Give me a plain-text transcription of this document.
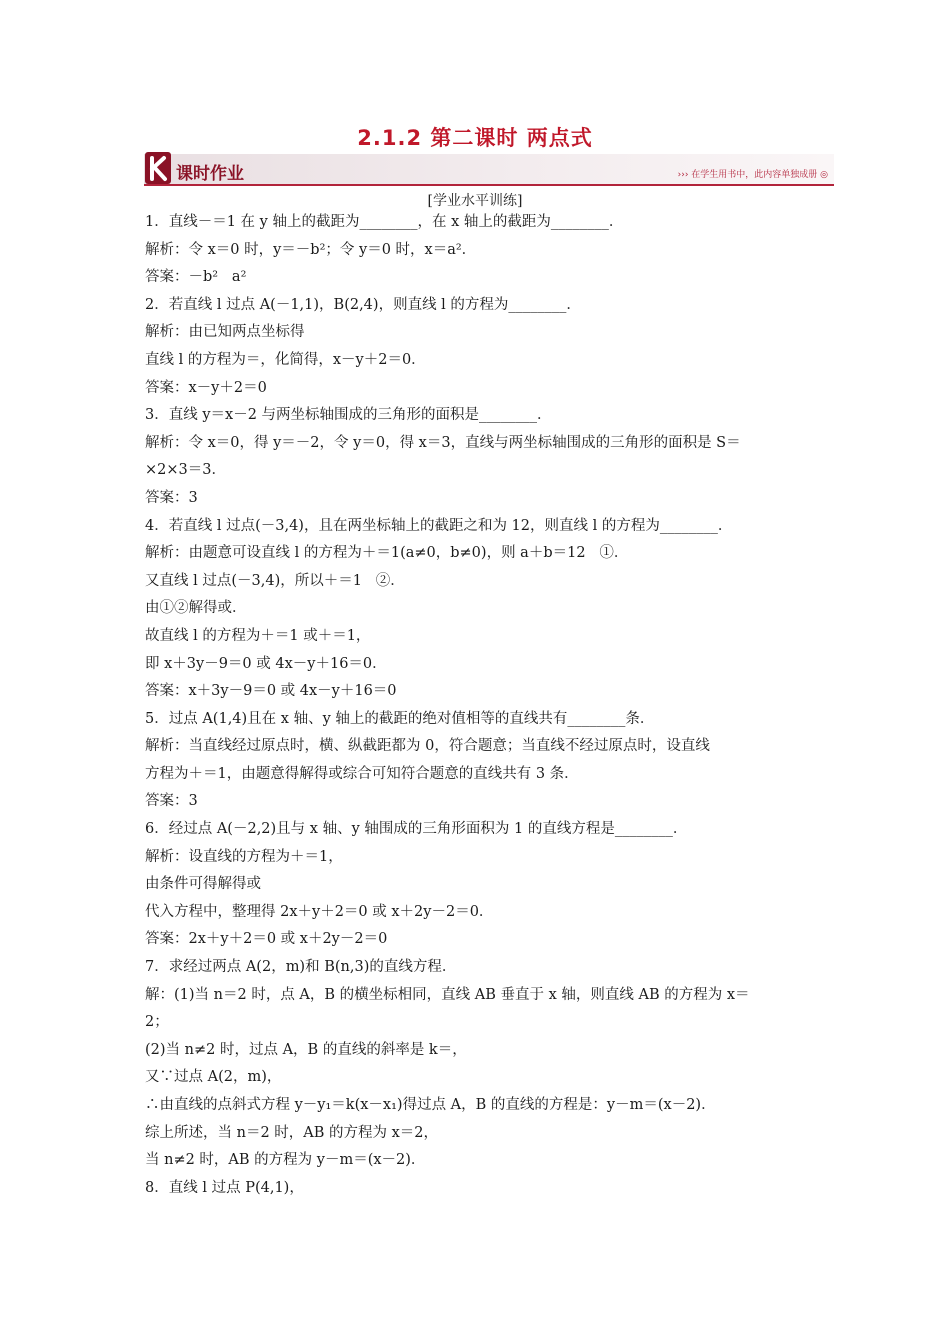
2.1.2 第二课时 两点式
课时作业	››› 在学生用书中，此内容单独成册 ◎
[学业水平训练]

1．直线－＝1 在 y 轴上的截距为________，在 x 轴上的截距为________．

解析：令 x＝0 时，y＝－b²；令 y＝0 时，x＝a²．

答案：－b²   a²

2．若直线 l 过点 A(－1,1)，B(2,4)，则直线 l 的方程为________．

解析：由已知两点坐标得

直线 l 的方程为＝，化简得，x－y＋2＝0．

答案：x－y＋2＝0

3．直线 y＝x－2 与两坐标轴围成的三角形的面积是________．

解析：令 x＝0，得 y＝－2，令 y＝0，得 x＝3，直线与两坐标轴围成的三角形的面积是 S＝

×2×3＝3．

答案：3

4．若直线 l 过点(－3,4)，且在两坐标轴上的截距之和为 12，则直线 l 的方程为________．

解析：由题意可设直线 l 的方程为＋＝1(a≠0，b≠0)，则 a＋b＝12   ①．

又直线 l 过点(－3,4)，所以＋＝1   ②．

由①②解得或．

故直线 l 的方程为＋＝1 或＋＝1，

即 x＋3y－9＝0 或 4x－y＋16＝0．

答案：x＋3y－9＝0 或 4x－y＋16＝0

5．过点 A(1,4)且在 x 轴、y 轴上的截距的绝对值相等的直线共有________条．

解析：当直线经过原点时，横、纵截距都为 0，符合题意；当直线不经过原点时，设直线

方程为＋＝1，由题意得解得或综合可知符合题意的直线共有 3 条．

答案：3

6．经过点 A(－2,2)且与 x 轴、y 轴围成的三角形面积为 1 的直线方程是________．

解析：设直线的方程为＋＝1，

由条件可得解得或

代入方程中，整理得 2x＋y＋2＝0 或 x＋2y－2＝0．

答案：2x＋y＋2＝0 或 x＋2y－2＝0

7．求经过两点 A(2，m)和 B(n,3)的直线方程．

解：(1)当 n＝2 时，点 A，B 的横坐标相同，直线 AB 垂直于 x 轴，则直线 AB 的方程为 x＝

2；

(2)当 n≠2 时，过点 A，B 的直线的斜率是 k＝，

又∵过点 A(2，m)，

∴由直线的点斜式方程 y－y₁＝k(x－x₁)得过点 A，B 的直线的方程是：y－m＝(x－2)．

综上所述，当 n＝2 时，AB 的方程为 x＝2，

当 n≠2 时，AB 的方程为 y－m＝(x－2)．

8．直线 l 过点 P(4,1)，
